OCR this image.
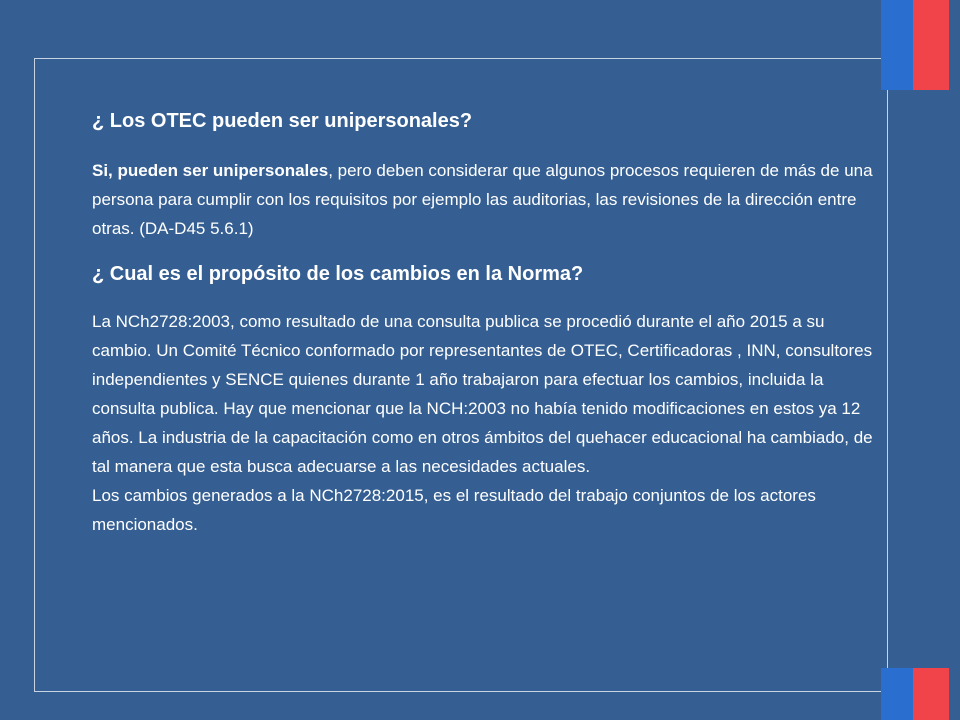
¿ Los OTEC pueden ser unipersonales?

Si, pueden ser unipersonales, pero deben considerar que algunos procesos requieren de más de una persona para cumplir con los requisitos por ejemplo las auditorias, las revisiones de la dirección entre otras. (DA-D45 5.6.1)

¿ Cual es el propósito de los cambios en la Norma?

La NCh2728:2003, como resultado de una consulta publica se procedió durante el año 2015 a su cambio. Un Comité Técnico conformado por representantes de OTEC, Certificadoras , INN, consultores independientes y SENCE quienes durante 1 año trabajaron para efectuar los cambios, incluida la consulta publica. Hay que mencionar que la NCH:2003 no había tenido modificaciones en estos ya 12 años. La industria de la capacitación como en otros ámbitos del quehacer educacional ha cambiado, de tal manera que esta busca adecuarse a las necesidades actuales.

Los cambios generados a la NCh2728:2015, es el resultado del trabajo conjuntos de los actores mencionados.
